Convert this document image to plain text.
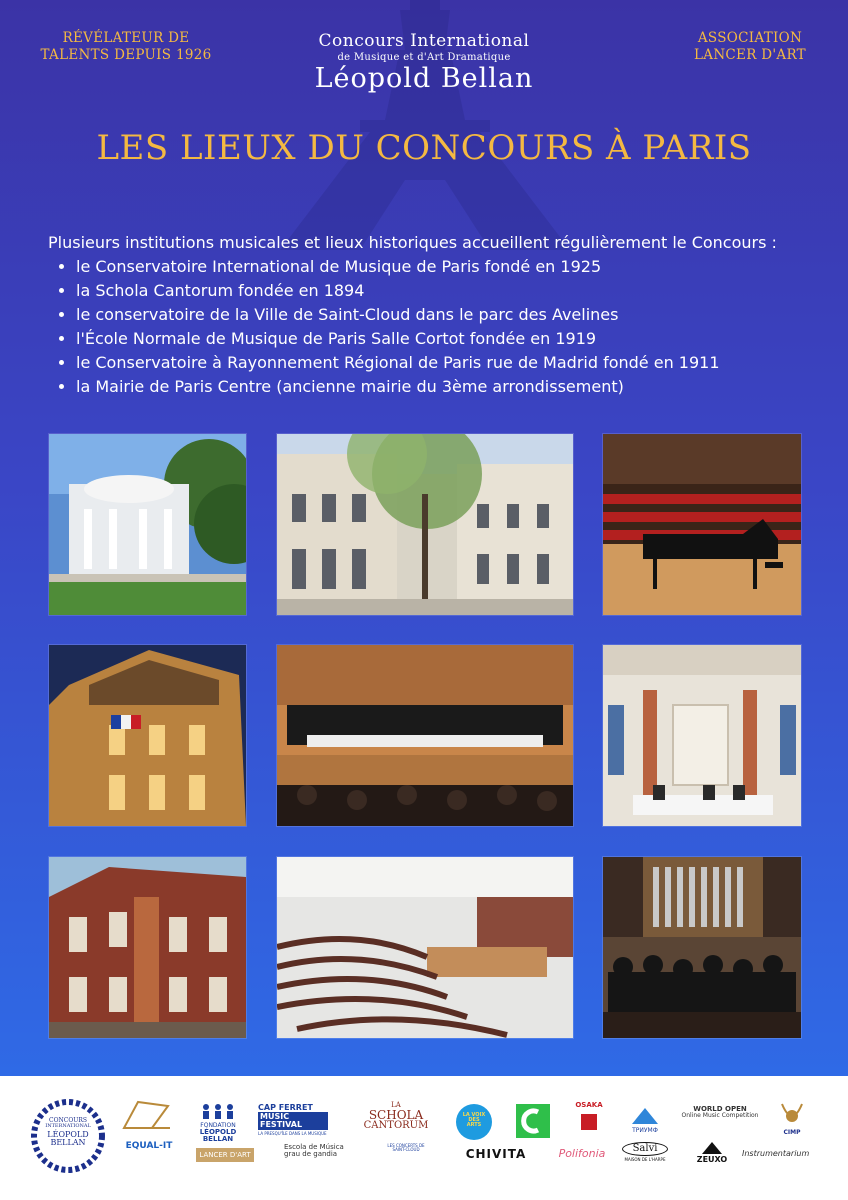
RÉVÉLATEUR DE
TALENTS DEPUIS 1926
Concours International
de Musique et d'Art Dramatique
Léopold Bellan
ASSOCIATION
LANCER D'ART
LES LIEUX DU CONCOURS À PARIS

Plusieurs institutions musicales et lieux historiques accueillent régulièrement le Concours :

• le Conservatoire International de Musique de Paris fondé en 1925
• la Schola Cantorum fondée en 1894
• le conservatoire de la Ville de Saint-Cloud dans le parc des Avelines
• l'École Normale de Musique de Paris Salle Cortot fondée en 1919
• le Conservatoire à Rayonnement Régional de Paris rue de Madrid fondé en 1911
• la Mairie de Paris Centre (ancienne mairie du 3ème arrondissement)
CONCOURS
INTERNATIONAL
LÉOPOLD
BELLAN	EQUAL-IT
FONDATION
LÉOPOLD BELLAN
LANCER D'ART
CAP FERRET
MUSIC FESTIVAL
LA PRESQU'ÎLE DANS LA MUSIQUE
Escola de Música
grau de gandia
LA
SCHOLA
CANTORUM
LES CONCERTS DE
SAINT-CLOUD
LA VOIX
DES
ARTS
CHIVITA
OSAKA
Polifonia
ТРИУМФ
Salvi
MAISON DE L'HARPE
WORLD OPEN
Online Music Competition
ZEUXO
CIMP
Instrumentarium
